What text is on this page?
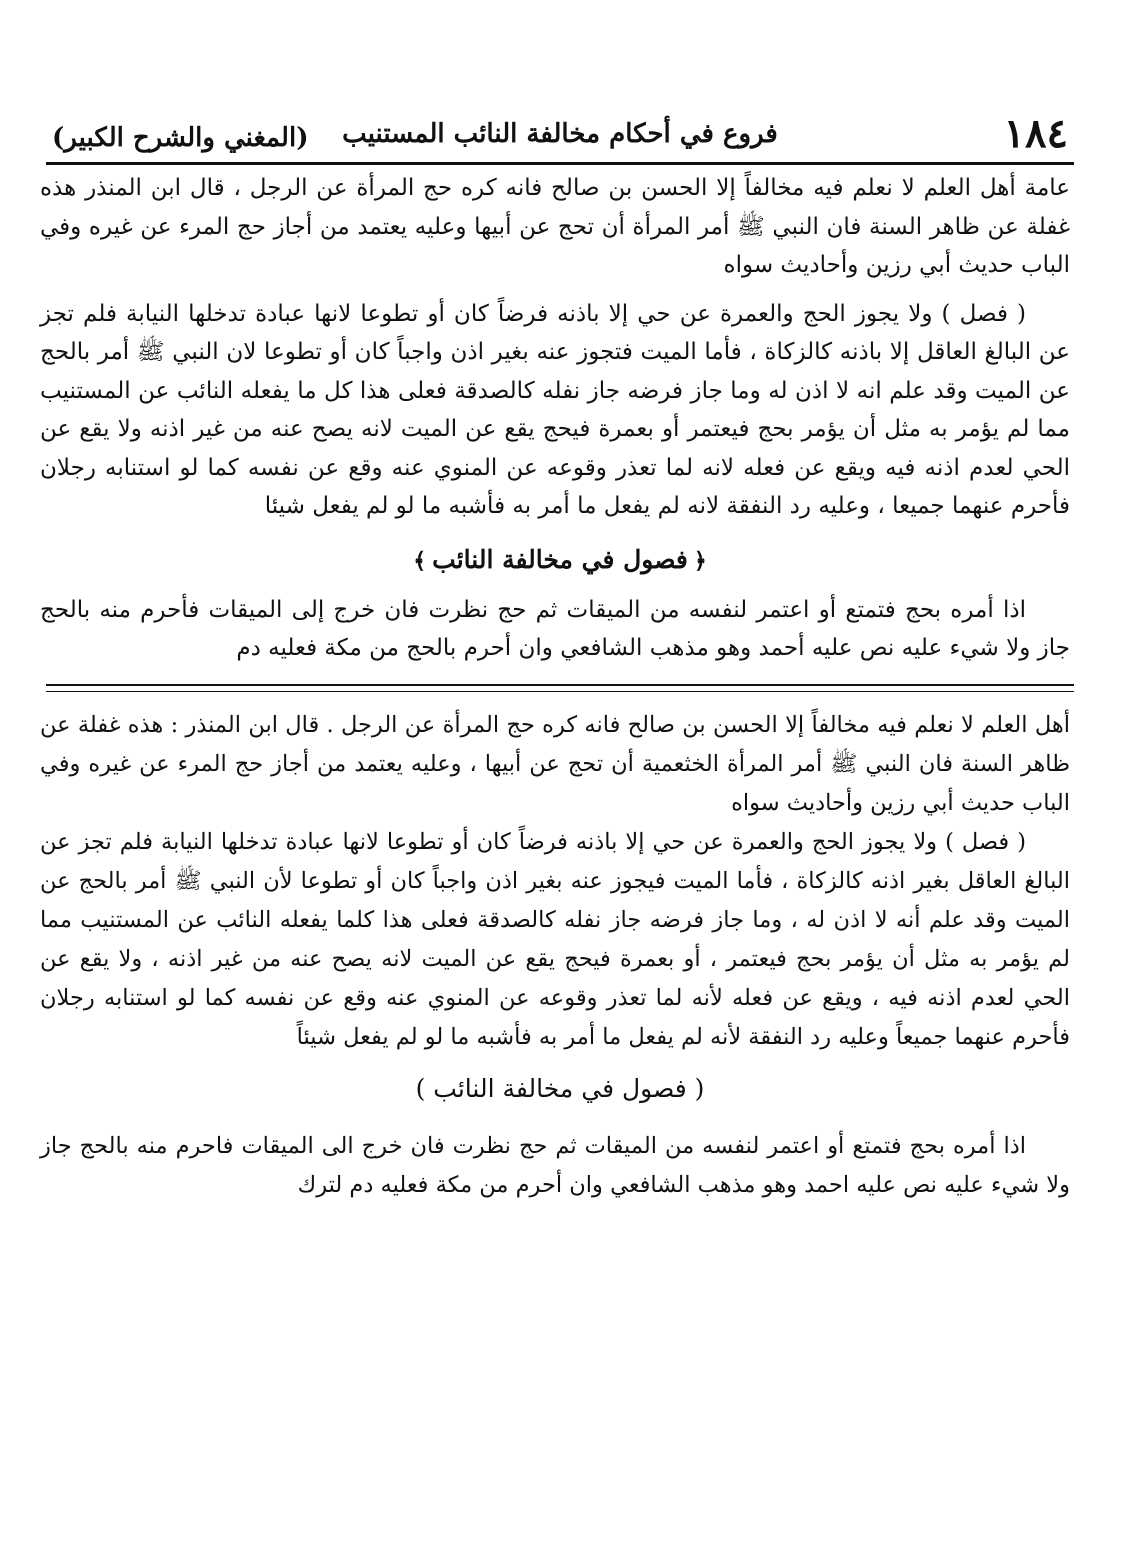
١٨٤
فروع في أحكام مخالفة النائب المستنيب
(المغني والشرح الكبير)

عامة أهل العلم لا نعلم فيه مخالفاً إلا الحسن بن صالح فانه كره حج المرأة عن الرجل ، قال ابن المنذر هذه غفلة عن ظاهر السنة فان النبي ﷺ أمر المرأة أن تحج عن أبيها وعليه يعتمد من أجاز حج المرء عن غيره وفي الباب حديث أبي رزين وأحاديث سواه

( فصل ) ولا يجوز الحج والعمرة عن حي إلا باذنه فرضاً كان أو تطوعا لانها عبادة تدخلها النيابة فلم تجز عن البالغ العاقل إلا باذنه كالزكاة ، فأما الميت فتجوز عنه بغير اذن واجباً كان أو تطوعا لان النبي ﷺ أمر بالحج عن الميت وقد علم انه لا اذن له وما جاز فرضه جاز نفله كالصدقة فعلى هذا كل ما يفعله النائب عن المستنيب مما لم يؤمر به مثل أن يؤمر بحج فيعتمر أو بعمرة فيحج يقع عن الميت لانه يصح عنه من غير اذنه ولا يقع عن الحي لعدم اذنه فيه ويقع عن فعله لانه لما تعذر وقوعه عن المنوي عنه وقع عن نفسه كما لو استنابه رجلان فأحرم عنهما جميعا ، وعليه رد النفقة لانه لم يفعل ما أمر به فأشبه ما لو لم يفعل شيئا

﴿فصول في مخالفة النائب﴾

اذا أمره بحج فتمتع أو اعتمر لنفسه من الميقات ثم حج نظرت فان خرج إلى الميقات فأحرم منه بالحج جاز ولا شيء عليه نص عليه أحمد وهو مذهب الشافعي وان أحرم بالحج من مكة فعليه دم

أهل العلم لا نعلم فيه مخالفاً إلا الحسن بن صالح فانه كره حج المرأة عن الرجل . قال ابن المنذر : هذه غفلة عن ظاهر السنة فان النبي ﷺ أمر المرأة الخثعمية أن تحج عن أبيها ، وعليه يعتمد من أجاز حج المرء عن غيره وفي الباب حديث أبي رزين وأحاديث سواه

( فصل ) ولا يجوز الحج والعمرة عن حي إلا باذنه فرضاً كان أو تطوعا لانها عبادة تدخلها النيابة فلم تجز عن البالغ العاقل بغير اذنه كالزكاة ، فأما الميت فيجوز عنه بغير اذن واجباً كان أو تطوعا لأن النبي ﷺ أمر بالحج عن الميت وقد علم أنه لا اذن له ، وما جاز فرضه جاز نفله كالصدقة فعلى هذا كلما يفعله النائب عن المستنيب مما لم يؤمر به مثل أن يؤمر بحج فيعتمر ، أو بعمرة فيحج يقع عن الميت لانه يصح عنه من غير اذنه ، ولا يقع عن الحي لعدم اذنه فيه ، ويقع عن فعله لأنه لما تعذر وقوعه عن المنوي عنه وقع عن نفسه كما لو استنابه رجلان فأحرم عنهما جميعاً وعليه رد النفقة لأنه لم يفعل ما أمر به فأشبه ما لو لم يفعل شيئاً

( فصول في مخالفة النائب )

اذا أمره بحج فتمتع أو اعتمر لنفسه من الميقات ثم حج نظرت فان خرج الى الميقات فاحرم منه بالحج جاز ولا شيء عليه نص عليه احمد وهو مذهب الشافعي وان أحرم من مكة فعليه دم لترك
